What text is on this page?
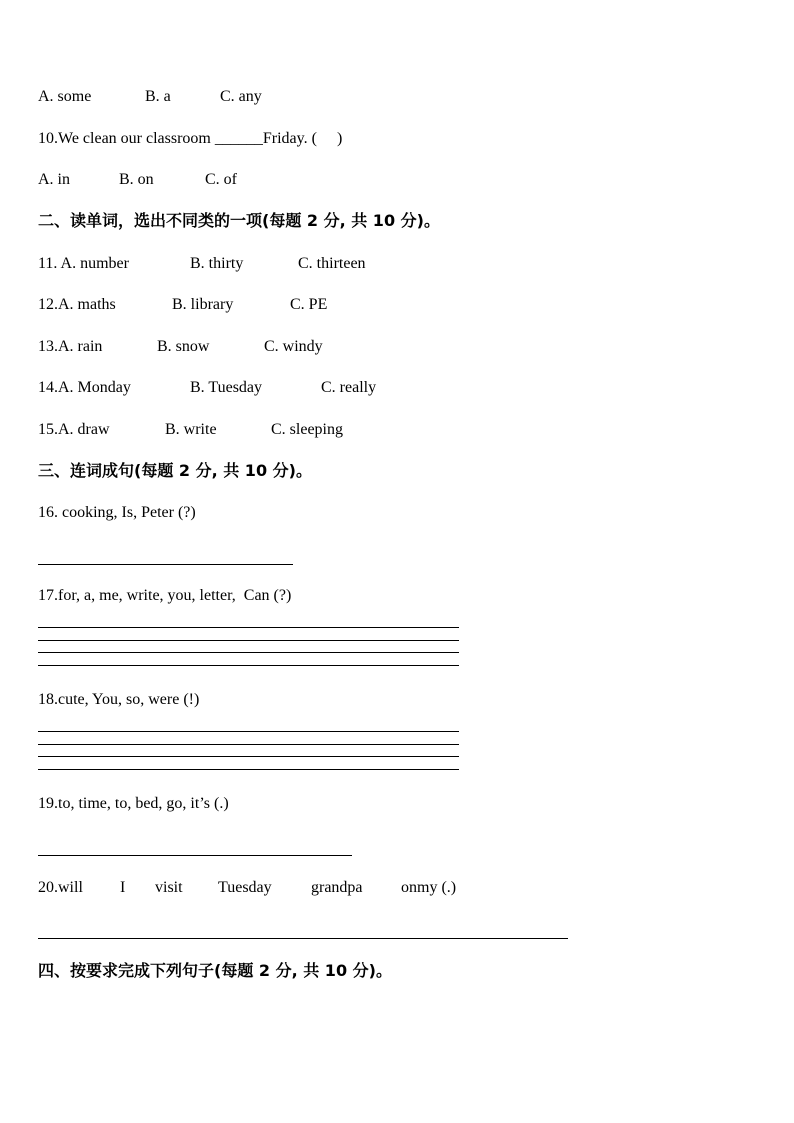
A. some

	B. a

	C. any

10.We clean our classroom ______Friday. (     )

A. in

	B. on

	C. of

二、读单词，选出不同类的一项(每题 2 分, 共 10 分)。

11. A. number

	B. thirty

	C. thirteen

12.A. maths

	B. library

	C. PE

13.A. rain

	B. snow

	C. windy

14.A. Monday

	B. Tuesday

	C. really

15.A. draw

	B. write

	C. sleeping

三、连词成句(每题 2 分, 共 10 分)。
16. cooking, Is, Peter (?)
17.for, a, me, write, you, letter,  Can (?)
18.cute, You, so, were (!)
19.to, time, to, bed, go, it’s (.)

20.will

I

visit

Tuesday

grandpa

onmy (.)

四、按要求完成下列句子(每题 2 分, 共 10 分)。
